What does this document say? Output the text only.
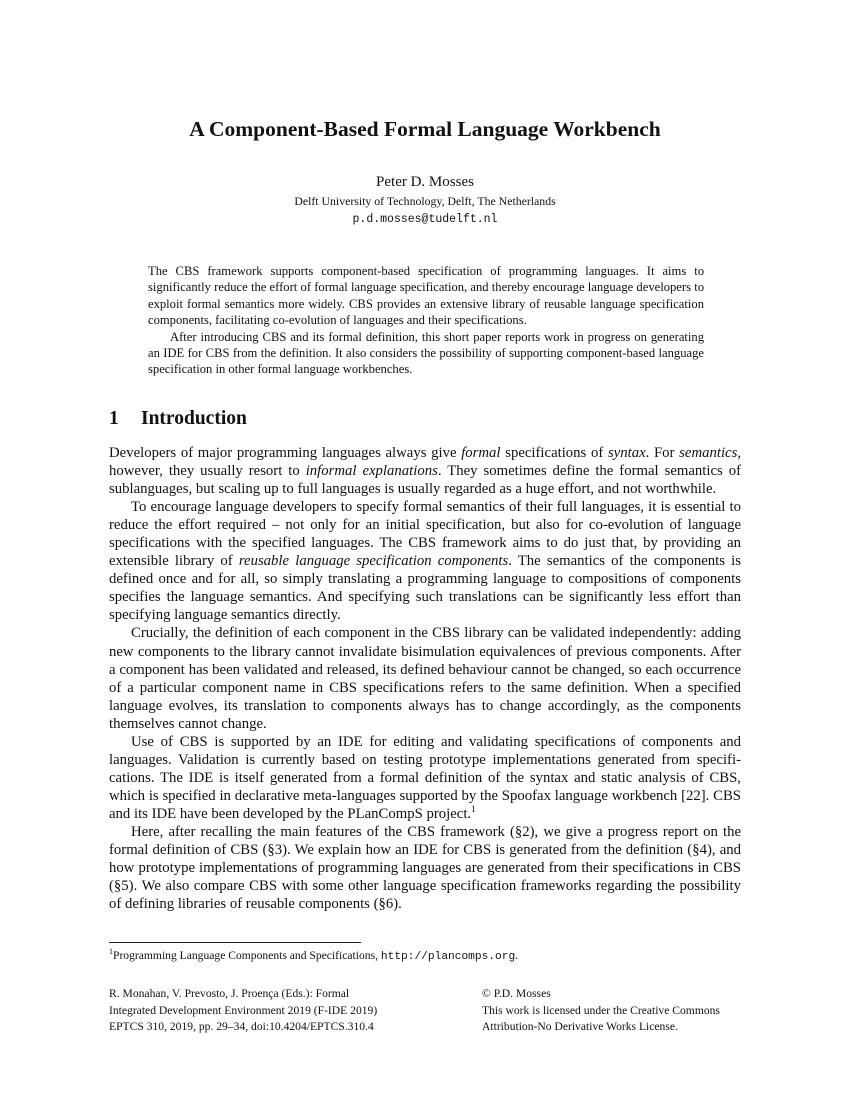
A Component-Based Formal Language Workbench
Peter D. Mosses
Delft University of Technology, Delft, The Netherlands
p.d.mosses@tudelft.nl

The CBS framework supports component-based specification of programming languages. It aims to significantly reduce the effort of formal language specification, and thereby encourage language developers to exploit formal semantics more widely. CBS provides an extensive library of reusable language specification components, facilitating co-evolution of languages and their specifications.

After introducing CBS and its formal definition, this short paper reports work in progress on generating an IDE for CBS from the definition. It also considers the possibility of supporting component-based language specification in other formal language workbenches.

1 Introduction

Developers of major programming languages always give formal specifications of syntax. For semantics, however, they usually resort to informal explanations. They sometimes define the formal semantics of sublanguages, but scaling up to full languages is usually regarded as a huge effort, and not worthwhile.

To encourage language developers to specify formal semantics of their full languages, it is essential to reduce the effort required – not only for an initial specification, but also for co-evolution of language specifications with the specified languages. The CBS framework aims to do just that, by providing an extensible library of reusable language specification components. The semantics of the components is defined once and for all, so simply translating a programming language to compositions of components specifies the language semantics. And specifying such translations can be significantly less effort than specifying language semantics directly.

Crucially, the definition of each component in the CBS library can be validated independently: adding new components to the library cannot invalidate bisimulation equivalences of previous components. After a component has been validated and released, its defined behaviour cannot be changed, so each occurrence of a particular component name in CBS specifications refers to the same definition. When a specified language evolves, its translation to components always has to change accordingly, as the components themselves cannot change.

Use of CBS is supported by an IDE for editing and validating specifications of components and languages. Validation is currently based on testing prototype implementations generated from specifications. The IDE is itself generated from a formal definition of the syntax and static analysis of CBS, which is specified in declarative meta-languages supported by the Spoofax language workbench [22]. CBS and its IDE have been developed by the PLanCompS project.$^1$

Here, after recalling the main features of the CBS framework (§2), we give a progress report on the formal definition of CBS (§3). We explain how an IDE for CBS is generated from the definition (§4), and how prototype implementations of programming languages are generated from their specifications in CBS (§5). We also compare CBS with some other language specification frameworks regarding the possibility of defining libraries of reusable components (§6).

$^1$Programming Language Components and Specifications, http://plancomps.org.
R. Monahan, V. Prevosto, J. Proença (Eds.): Formal
Integrated Development Environment 2019 (F-IDE 2019)
EPTCS 310, 2019, pp. 29–34, doi:10.4204/EPTCS.310.4
© P.D. Mosses
This work is licensed under the Creative Commons
Attribution-No Derivative Works License.
